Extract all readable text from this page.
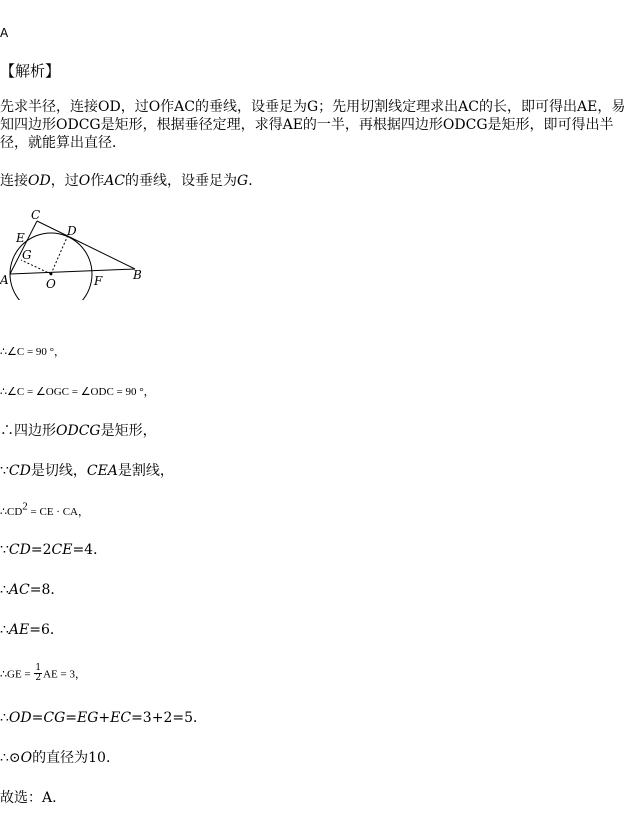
A
【解析】
先求半径，连接OD，过O作AC的垂线，设垂足为G；先用切割线定理求出AC的长，即可得出AE，易知四边形ODCG是矩形，根据垂径定理，求得AE的一半，再根据四边形ODCG是矩形，即可得出半径，就能算出直径．
连接OD，过O作AC的垂线，设垂足为G．
C
E	D
G
A	O	F	B
∴∠C = 90 °，
∴∠C = ∠OGC = ∠ODC = 90 °，
∴四边形ODCG是矩形，
∵CD是切线，CEA是割线，
$\therefore CD^2$ = CE · CA，
∵CD=2CE=4．
∴AC=8．
∴AE=6．
∴GE = $\frac{1}{2}$ AE = 3，
∴OD=CG=EG+EC=3+2=5．
∴⊙O的直径为10.
故选：A.
